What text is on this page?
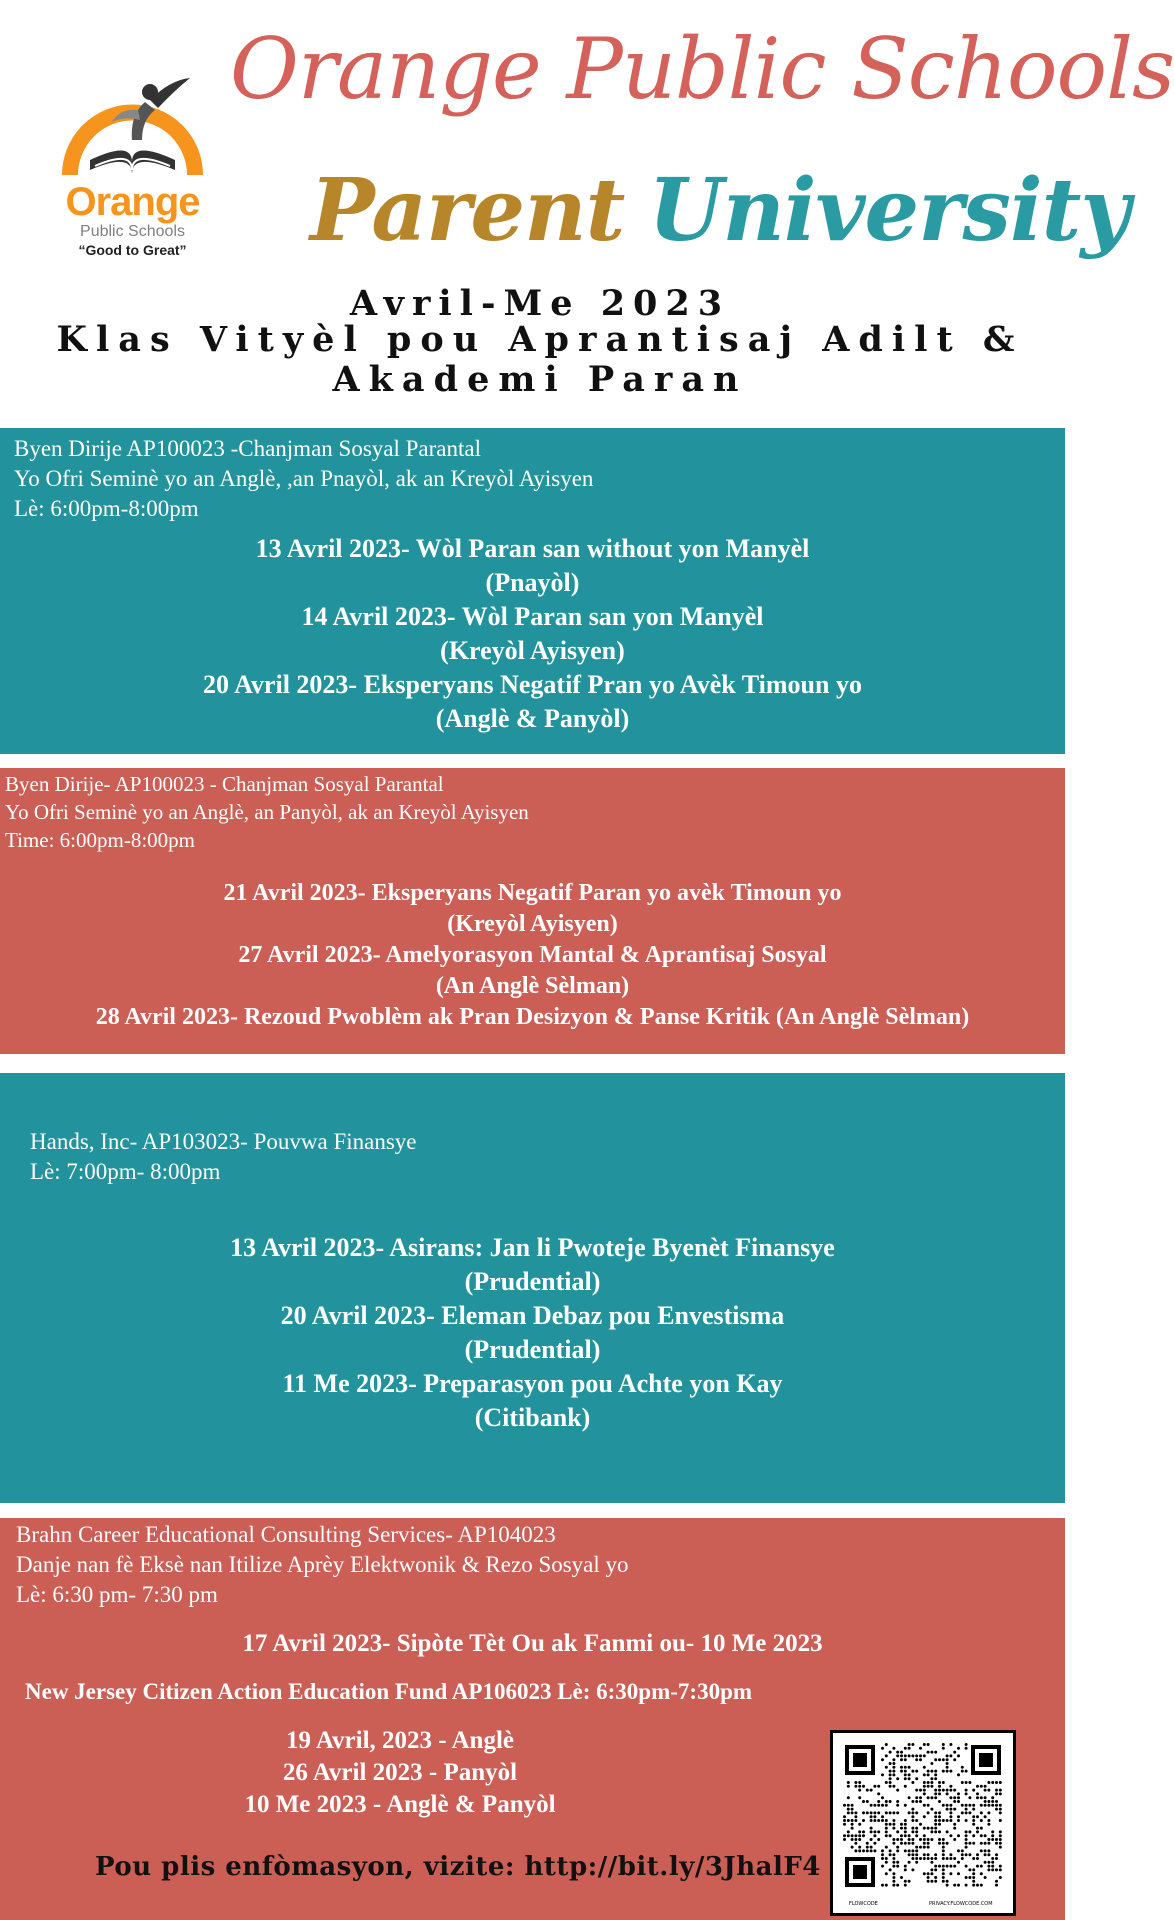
Orange
Public Schools
“Good to Great”
Orange Public Schools
Parent University
Avril-Me 2023
Klas Vityèl pou Aprantisaj Adilt & Akademi Paran
Byen Dirije AP100023 -Chanjman Sosyal Parantal
Yo Ofri Seminè yo an Anglè, ,an Pnayòl, ak an Kreyòl Ayisyen
Lè: 6:00pm-8:00pm
13 Avril 2023- Wòl Paran san without yon Manyèl
(Pnayòl)
14 Avril 2023- Wòl Paran san yon Manyèl
(Kreyòl Ayisyen)
20 Avril 2023- Eksperyans Negatif Pran yo Avèk Timoun yo
(Anglè & Panyòl)
Byen Dirije- AP100023 - Chanjman Sosyal Parantal
Yo Ofri Seminè yo an Anglè, an Panyòl, ak an Kreyòl Ayisyen
Time: 6:00pm-8:00pm
21 Avril 2023- Eksperyans Negatif Paran yo avèk Timoun yo
(Kreyòl Ayisyen)
27 Avril 2023- Amelyorasyon Mantal & Aprantisaj Sosyal
(An Anglè Sèlman)
28 Avril 2023- Rezoud Pwoblèm ak Pran Desizyon & Panse Kritik (An Anglè Sèlman)
Hands, Inc- AP103023- Pouvwa Finansye
Lè: 7:00pm- 8:00pm
13 Avril 2023- Asirans: Jan li Pwoteje Byenèt Finansye
(Prudential)
20 Avril 2023- Eleman Debaz pou Envestisma
(Prudential)
11 Me 2023- Preparasyon pou Achte yon Kay
(Citibank)
Brahn Career Educational Consulting Services- AP104023
Danje nan fè Eksè nan Itilize Aprèy Elektwonik & Rezo Sosyal yo
Lè: 6:30 pm- 7:30 pm
17 Avril 2023- Sipòte Tèt Ou ak Fanmi ou- 10 Me 2023
New Jersey Citizen Action Education Fund AP106023 Lè: 6:30pm-7:30pm
19 Avril, 2023 - Anglè
26 Avril 2023 - Panyòl
10 Me 2023 - Anglè & Panyòl
Pou plis enfòmasyon, vizite: http://bit.ly/3JhalF4
FLOWCODE	PRIVACY.FLOWCODE.COM
